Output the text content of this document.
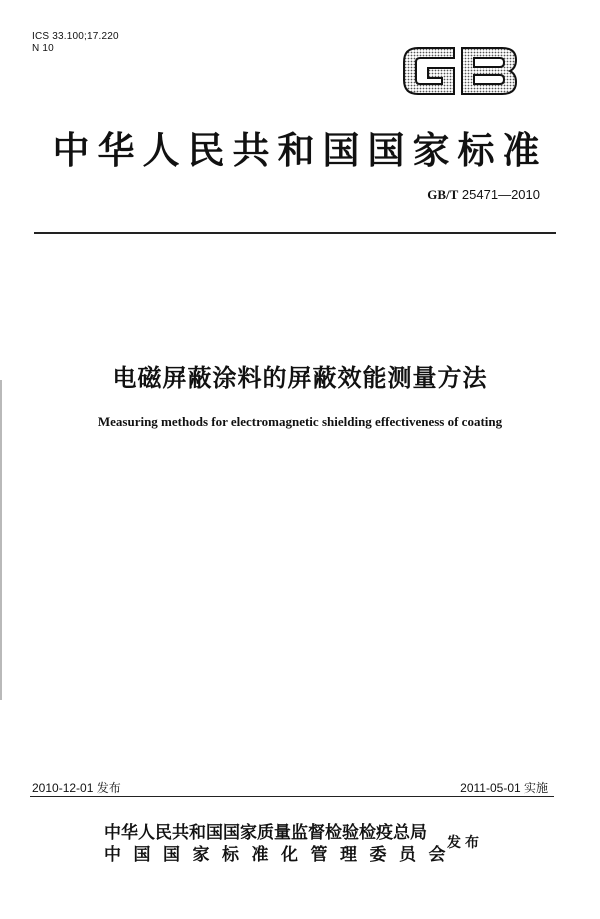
ICS 33.100;17.220
N 10
中华人民共和国国家标准
GB/T 25471—2010
电磁屏蔽涂料的屏蔽效能测量方法
Measuring methods for electromagnetic shielding effectiveness of coating
2010-12-01 发布	2011-05-01 实施
中华人民共和国国家质量监督检验检疫总局
中国国家标准化管理委员会
发布
